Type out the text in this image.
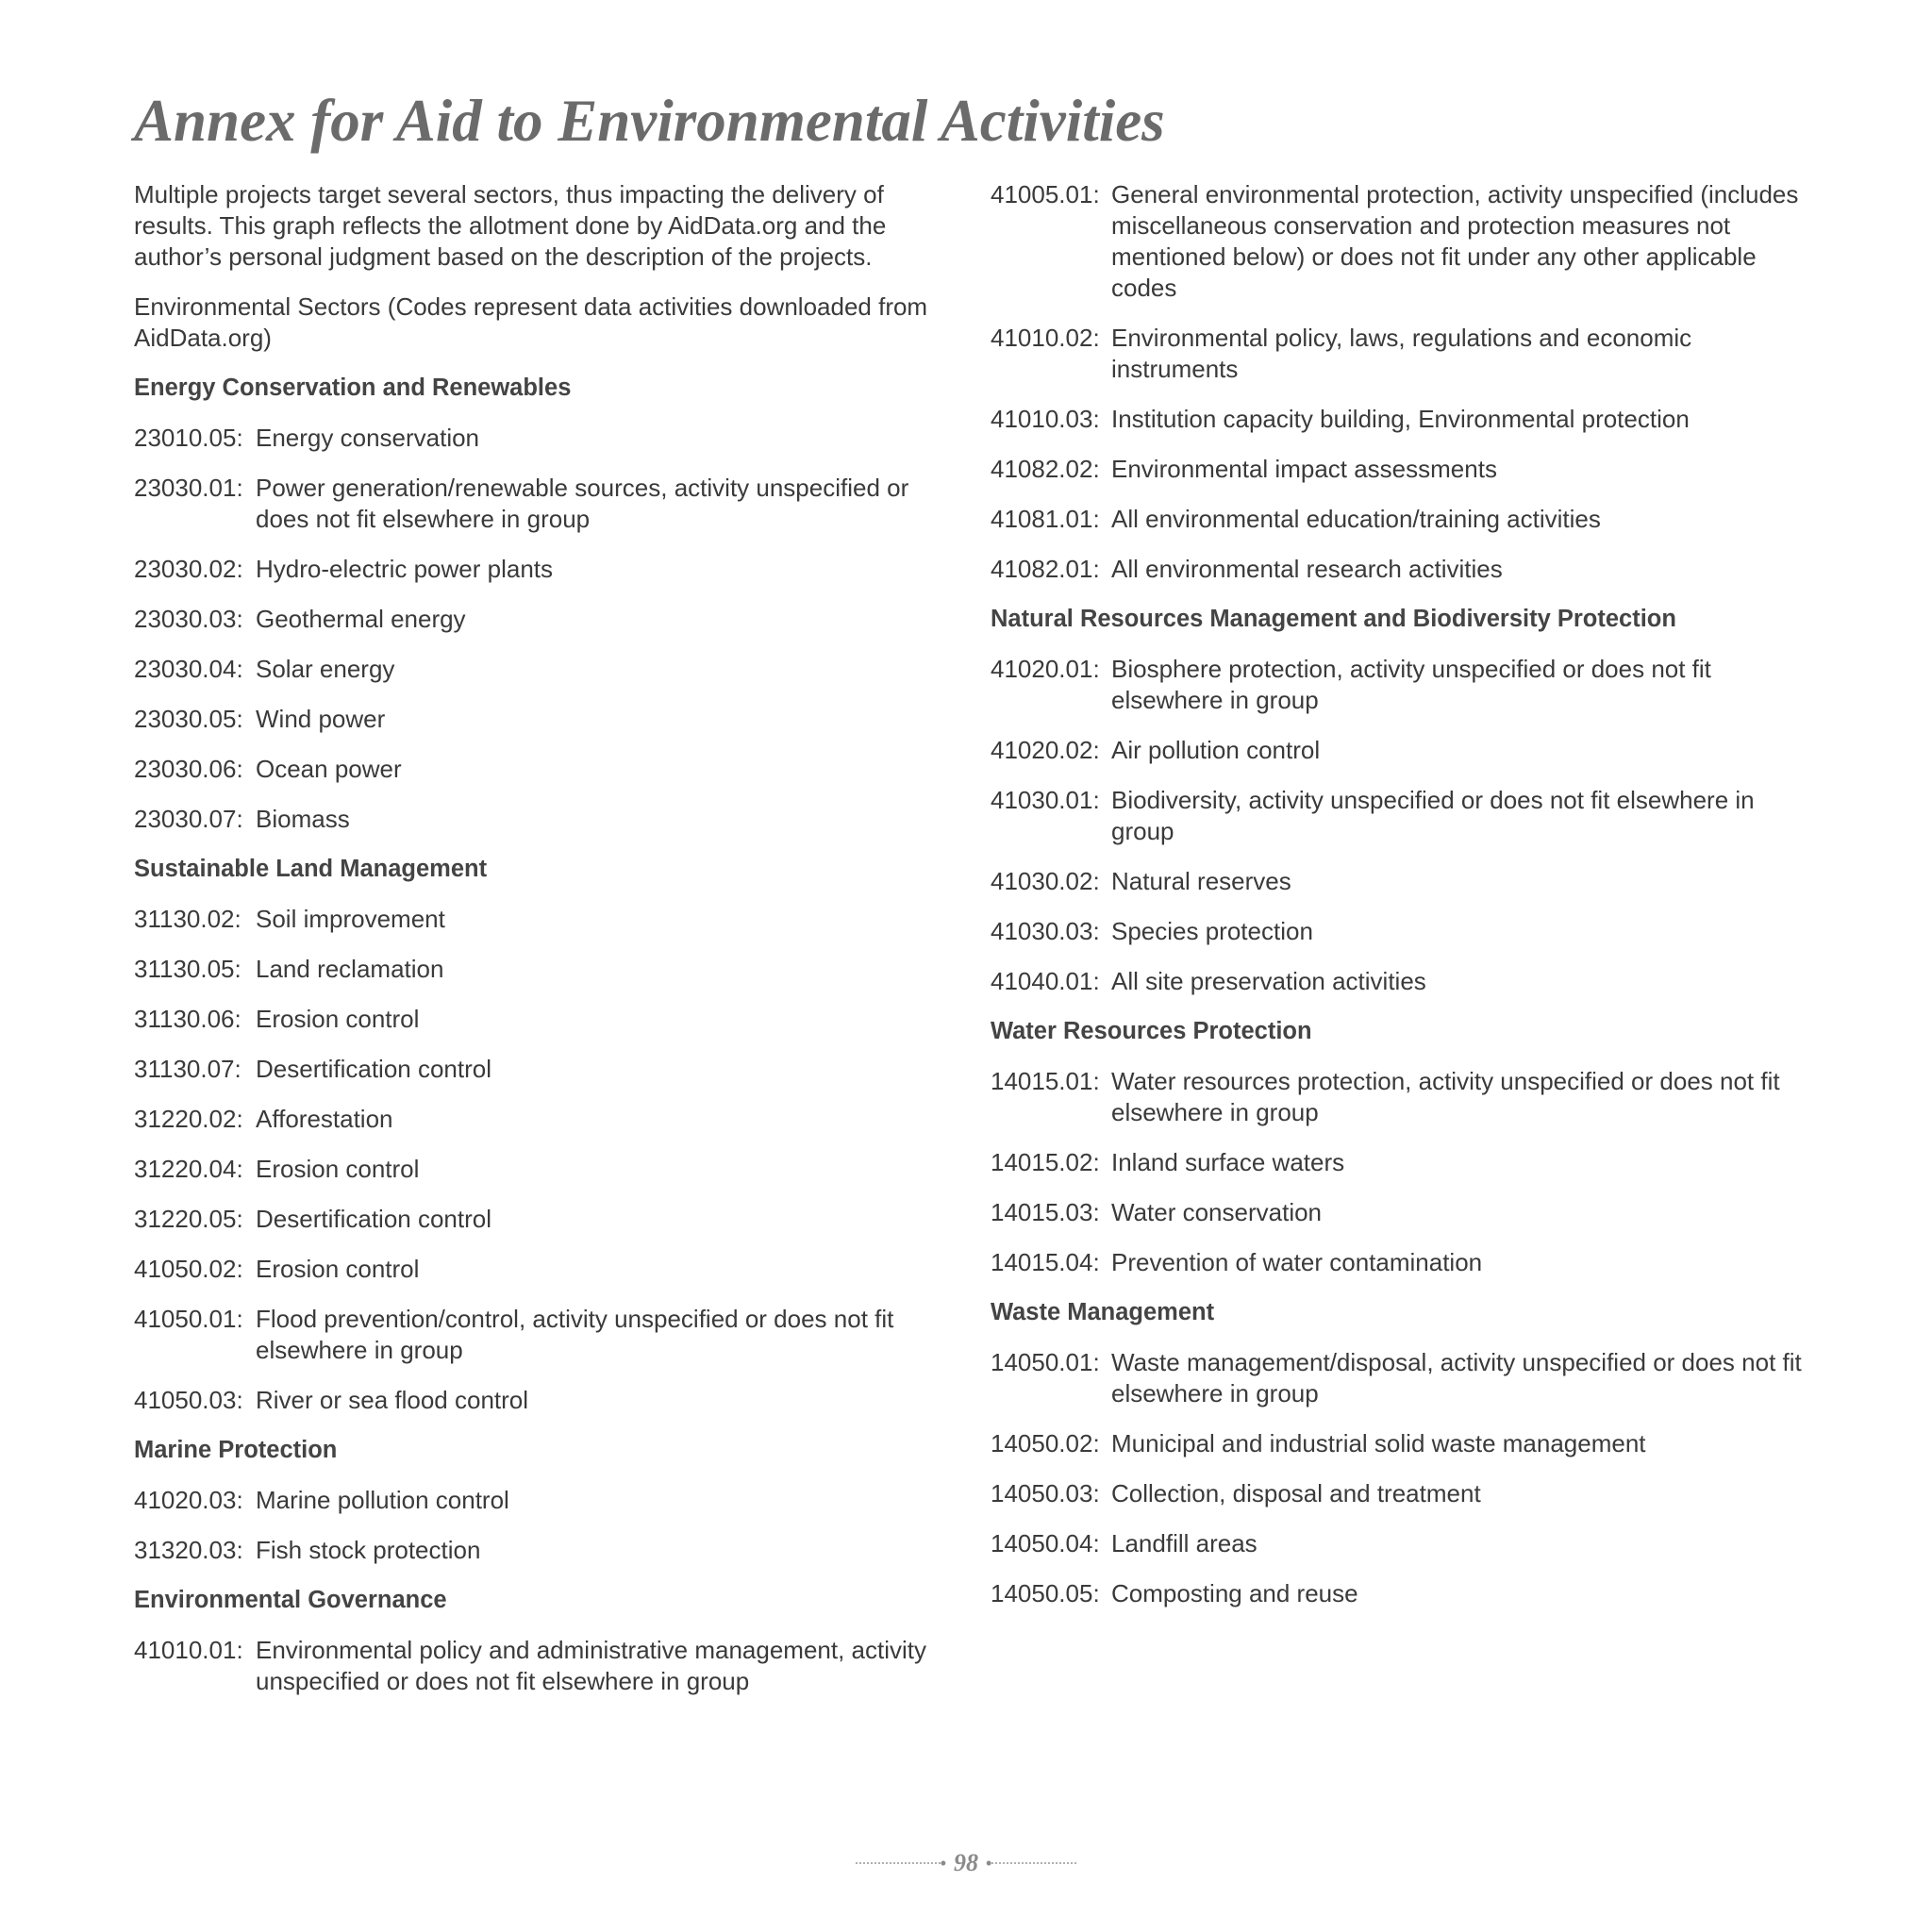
Annex for Aid to Environmental Activities

Multiple projects target several sectors, thus impacting the delivery of results. This graph reflects the allotment done by AidData.org and the author’s personal judgment based on the description of the projects.

Environmental Sectors (Codes represent data activities downloaded from AidData.org)

Energy Conservation and Renewables
23010.05: Energy conservation
23030.01: Power generation/renewable sources, activity unspecified or does not fit elsewhere in group
23030.02: Hydro-electric power plants
23030.03: Geothermal energy
23030.04: Solar energy
23030.05: Wind power
23030.06: Ocean power
23030.07: Biomass
Sustainable Land Management
31130.02: Soil improvement
31130.05: Land reclamation
31130.06: Erosion control
31130.07: Desertification control
31220.02: Afforestation
31220.04: Erosion control
31220.05: Desertification control
41050.02: Erosion control
41050.01: Flood prevention/control, activity unspecified or does not fit elsewhere in group
41050.03: River or sea flood control
Marine Protection
41020.03: Marine pollution control
31320.03: Fish stock protection
Environmental Governance
41010.01: Environmental policy and administrative management, activity unspecified or does not fit elsewhere in group
41005.01: General environmental protection, activity unspecified (includes miscellaneous conservation and protection measures not mentioned below) or does not fit under any other applicable codes
41010.02: Environmental policy, laws, regulations and economic instruments
41010.03: Institution capacity building, Environmental protection
41082.02: Environmental impact assessments
41081.01: All environmental education/training activities
41082.01: All environmental research activities
Natural Resources Management and Biodiversity Protection
41020.01: Biosphere protection, activity unspecified or does not fit elsewhere in group
41020.02: Air pollution control
41030.01: Biodiversity, activity unspecified or does not fit elsewhere in group
41030.02: Natural reserves
41030.03: Species protection
41040.01: All site preservation activities
Water Resources Protection
14015.01: Water resources protection, activity unspecified or does not fit elsewhere in group
14015.02: Inland surface waters
14015.03: Water conservation
14015.04: Prevention of water contamination
Waste Management
14050.01: Waste management/disposal, activity unspecified or does not fit elsewhere in group
14050.02: Municipal and industrial solid waste management
14050.03: Collection, disposal and treatment
14050.04: Landfill areas
14050.05: Composting and reuse
• 98 •
